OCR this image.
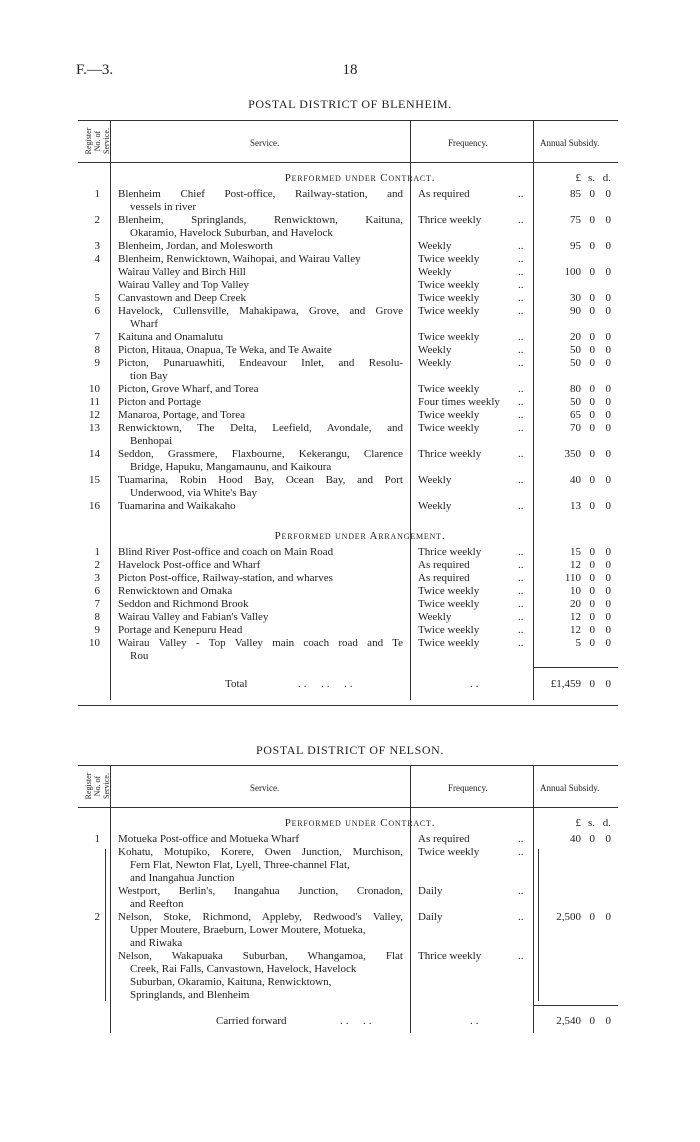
F.—3.	18
POSTAL DISTRICT OF BLENHEIM.
Register
No. of Service.	Service.	Frequency.	Annual Subsidy.
Performed under Contract.	£ s. d.
1 Blenheim Chief Post-office, Railway-station, and
vessels in river
As required	..	85 0 0
2 Blenheim, Springlands, Renwicktown, Kaituna,
Okaramio, Havelock Suburban, and Havelock
Thrice weekly	..	75 0 0
3 Blenheim, Jordan, and Molesworth	Weekly	..	95 0 0
4 Blenheim, Renwicktown, Waihopai, and Wairau Valley	Twice weekly	..
Wairau Valley and Birch Hill	Weekly	..	100 0 0
Wairau Valley and Top Valley	Twice weekly	..
5 Canvastown and Deep Creek	Twice weekly	..	30 0 0
6 Havelock, Cullensville, Mahakipawa, Grove, and Grove
Wharf
Twice weekly	..	90 0 0
7 Kaituna and Onamalutu	Twice weekly	..	20 0 0
8 Picton, Hitaua, Onapua, Te Weka, and Te Awaite	Weekly	..	50 0 0
9 Picton, Punaruawhiti, Endeavour Inlet, and Resolu-
tion Bay
Weekly	..	50 0 0
10 Picton, Grove Wharf, and Torea	Twice weekly	..	80 0 0
11 Picton and Portage	Four times weekly	..	50 0 0
12 Manaroa, Portage, and Torea	Twice weekly	..	65 0 0
13 Renwicktown, The Delta, Leefield, Avondale, and
Benhopai
Twice weekly	..	70 0 0
14 Seddon, Grassmere, Flaxbourne, Kekerangu, Clarence
Bridge, Hapuku, Mangamaunu, and Kaikoura
Thrice weekly	..	350 0 0
15 Tuamarina, Robin Hood Bay, Ocean Bay, and Port
Underwood, via White's Bay
Weekly	..	40 0 0
16 Tuamarina and Waikakaho	Weekly	..	13 0 0
Performed under Arrangement.
1 Blind River Post-office and coach on Main Road	Thrice weekly	..	15 0 0
2 Havelock Post-office and Wharf	As required	..	12 0 0
3 Picton Post-office, Railway-station, and wharves	As required	..	110 0 0
6 Renwicktown and Omaka	Twice weekly	..	10 0 0
7 Seddon and Richmond Brook	Twice weekly	..	20 0 0
8 Wairau Valley and Fabian's Valley	Weekly	..	12 0 0
9 Portage and Kenepuru Head	Twice weekly	..	12 0 0
10 Wairau Valley - Top Valley main coach road and Te
Rou
Twice weekly	..	5 0 0
Total	..  ..  ..	..	£1,459 0 0
POSTAL DISTRICT OF NELSON.
Register
No. of Service.	Service.	Frequency.	Annual Subsidy.
Performed under Contract.	£ s. d.
1 Motueka Post-office and Motueka Wharf	As required	..	40 0 0
Kohatu, Motupiko, Korere, Owen Junction, Murchison,
Fern Flat, Newton Flat, Lyell, Three-channel Flat,
and Inangahua Junction
Twice weekly	..
Westport, Berlin's, Inangahua Junction, Cronadon,
and Reefton
Daily	..
2 Nelson, Stoke, Richmond, Appleby, Redwood's Valley,
Upper Moutere, Braeburn, Lower Moutere, Motueka,
and Riwaka
Daily	..	2,500 0 0
Nelson, Wakapuaka Suburban, Whangamoa, Flat
Creek, Rai Falls, Canvastown, Havelock, Havelock
Suburban, Okaramio, Kaituna, Renwicktown,
Springlands, and Blenheim
Thrice weekly	..
Carried forward	..  ..	..	2,540 0 0
